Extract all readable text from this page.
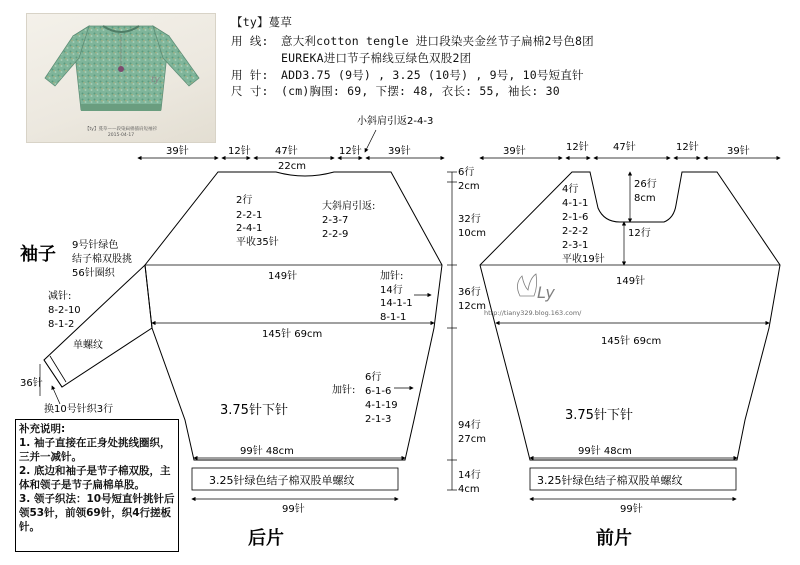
ty
【ty】蔓草——段染扁棉插肩短袖衫
2015-04-17
【ty】蔓草
用 线: 意大利cotton tengle 进口段染夹金丝节子扁棉2号色8团
EUREKA进口节子棉线豆绿色双股2团
用 针: ADD3.75 (9号) , 3.25 (10号) , 9号, 10号短直针
尺 寸: (cm)胸围: 69, 下摆: 48, 衣长: 55, 袖长: 30
39针	12针 47针	12针	39针
22cm
小斜肩引返2-4-3
2行
2-2-1
2-4-1
平收35针
大斜肩引返:
2-3-7
2-2-9
149针	加针:
14行
14-1-1
8-1-1
145针 69cm
加针:
6行
6-1-6
4-1-19
2-1-3
3.75针下针
99针 48cm
3.25针绿色结子棉双股单螺纹
99针
后片
6行
2cm
32行
10cm
36行
12cm
94行
27cm
14行
4cm
袖子 9号针绿色
结子棉双股挑
56针圈织
减针:
8-2-10
8-1-2
单螺纹
36针
换10号针织3行
39针	12针 47针	12针	39针
26行
8cm
12行
4行
4-1-1
2-1-6
2-2-2
2-3-1
平收19针
149针
145针 69cm
3.75针下针
99针 48cm
3.25针绿色结子棉双股单螺纹
99针
前片
Ly
http://tiany329.blog.163.com/
补充说明:
1. 袖子直接在正身处挑线圈织，三并一减针。
2. 底边和袖子是节子棉双股，主体和领子是节子扁棉单股。
3. 领子织法：10号短直针挑针后领53针，前领69针，织4行搓板针。
